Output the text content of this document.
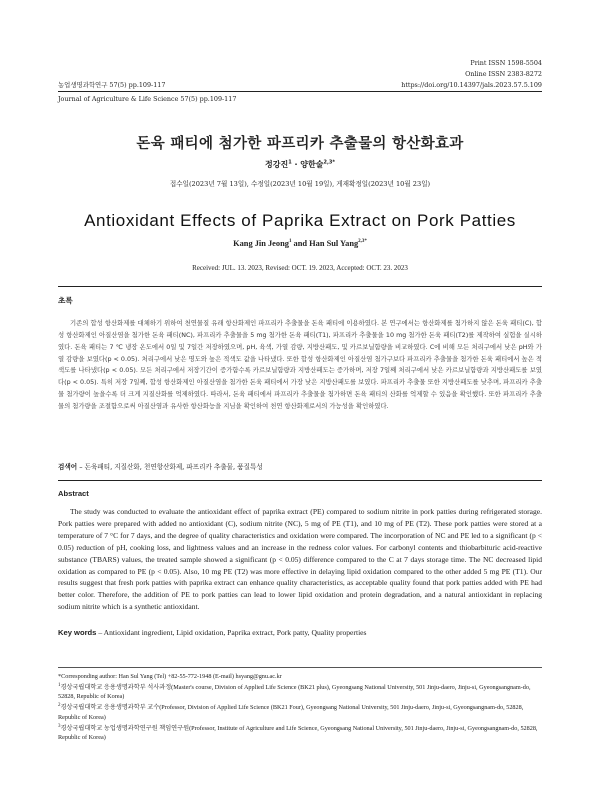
Print ISSN 1598-5504
Online ISSN 2383-8272
농업생명과학연구 57(5) pp.109-117	https://doi.org/10.14397/jals.2023.57.5.109
Journal of Agriculture & Life Science 57(5) pp.109-117
돈육 패티에 첨가한 파프리카 추출물의 항산화효과
정강진$^1$ · 양한술$^{2,3*}$
접수일(2023년 7월 13일), 수정일(2023년 10월 19일), 게재확정일(2023년 10월 23일)
Antioxidant Effects of Paprika Extract on Pork Patties
Kang Jin Jeong$^1$ and Han Sul Yang$^{2,3*}$
Received: JUL. 13. 2023, Revised: OCT. 19. 2023, Accepted: OCT. 23. 2023
초록
기존의 합성 항산화제를 대체하기 위하여 천연물질 유래 항산화제인 파프리카 추출물을 돈육 패티에 이용하였다. 본 연구에서는 항산화제를 첨가하지 않은 돈육 패티(C), 합성 항산화제인 아질산염을 첨가한 돈육 패티(NC), 파프리카 추출물을 5 mg 첨가한 돈육 패티(T1), 파프리카 추출물을 10 mg 첨가한 돈육 패티(T2)를 제작하여 실험을 실시하였다. 돈육 패티는 7 ℃ 냉장 온도에서 0일 및 7일간 저장하였으며, pH, 육색, 가열 감량, 지방산패도, 및 카르보닐함량을 비교하였다. C에 비해 모든 처리구에서 낮은 pH와 가열 감량을 보였다(p < 0.05). 처리구에서 낮은 명도와 높은 적색도 값을 나타냈다. 또한 합성 항산화제인 아질산염 첨가구보다 파프리카 추출물을 첨가한 돈육 패티에서 높은 적색도를 나타냈다(p < 0.05). 모든 처리구에서 저장기간이 증가함수록 카르보닐함량과 지방산패도는 증가하며, 저장 7일째 처리구에서 낮은 카르보닐함량과 지방산패도를 보였다(p < 0.05). 특히 저장 7일째, 합성 항산화제인 아질산염을 첨가한 돈육 패티에서 가장 낮은 지방산패도를 보였다. 파프리카 추출물 또한 지방산패도를 낮추며, 파프리카 추출물 첨가량이 높을수록 더 크게 지질산화를 억제하였다. 따라서, 돈육 패티에서 파프리카 추출물을 첨가하면 돈육 패티의 산화를 억제할 수 있음을 확인했다. 또한 파프리카 추출물의 첨가량을 조절함으로써 아질산염과 유사한 항산화능을 지님을 확인하여 천연 항산화제로서의 가능성을 확인하였다.
검색어 – 돈육패티, 지질산화, 천연항산화제, 파프리카 추출물, 품질특성
Abstract
The study was conducted to evaluate the antioxidant effect of paprika extract (PE) compared to sodium nitrite in pork patties during refrigerated storage. Pork patties were prepared with added no antioxidant (C), sodium nitrite (NC), 5 mg of PE (T1), and 10 mg of PE (T2). These pork patties were stored at a temperature of 7 °C for 7 days, and the degree of quality characteristics and oxidation were compared. The incorporation of NC and PE led to a significant (p < 0.05) reduction of pH, cooking loss, and lightness values and an increase in the redness color values. For carbonyl contents and thiobarbituric acid-reactive substance (TBARS) values, the treated sample showed a significant (p < 0.05) difference compared to the C at 7 days storage time. The NC decreased lipid oxidation as compared to PE (p < 0.05). Also, 10 mg PE (T2) was more effective in delaying lipid oxidation compared to the other added 5 mg PE (T1). Our results suggest that fresh pork patties with paprika extract can enhance quality characteristics, as acceptable quality found that pork patties added with PE had better color. Therefore, the addition of PE to pork patties can lead to lower lipid oxidation and protein degradation, and a natural antioxidant in replacing sodium nitrite which is a synthetic antioxidant.
Key words – Antioxidant ingredient, Lipid oxidation, Paprika extract, Pork patty, Quality properties
*Corresponding author: Han Sul Yang (Tel) +82-55-772-1948 (E-mail) hsyang@gnu.ac.kr
$^1$경상국립대학교 응용생명과학부 석사과정(Master's course, Division of Applied Life Science (BK21 plus), Gyeongsang National University, 501 Jinju-daero, Jinju-si, Gyeongsangnam-do, 52828, Republic of Korea)
$^2$경상국립대학교 응용생명과학부 교수(Professor, Division of Applied Life Science (BK21 Four), Gyeongsang National University, 501 Jinju-daero, Jinju-si, Gyeongsangnam-do, 52828, Republic of Korea)
$^3$경상국립대학교 농업생명과학연구원 책임연구원(Professor, Institute of Agriculture and Life Science, Gyeongsang National University, 501 Jinju-daero, Jinju-si, Gyeongsangnam-do, 52828, Republic of Korea)
